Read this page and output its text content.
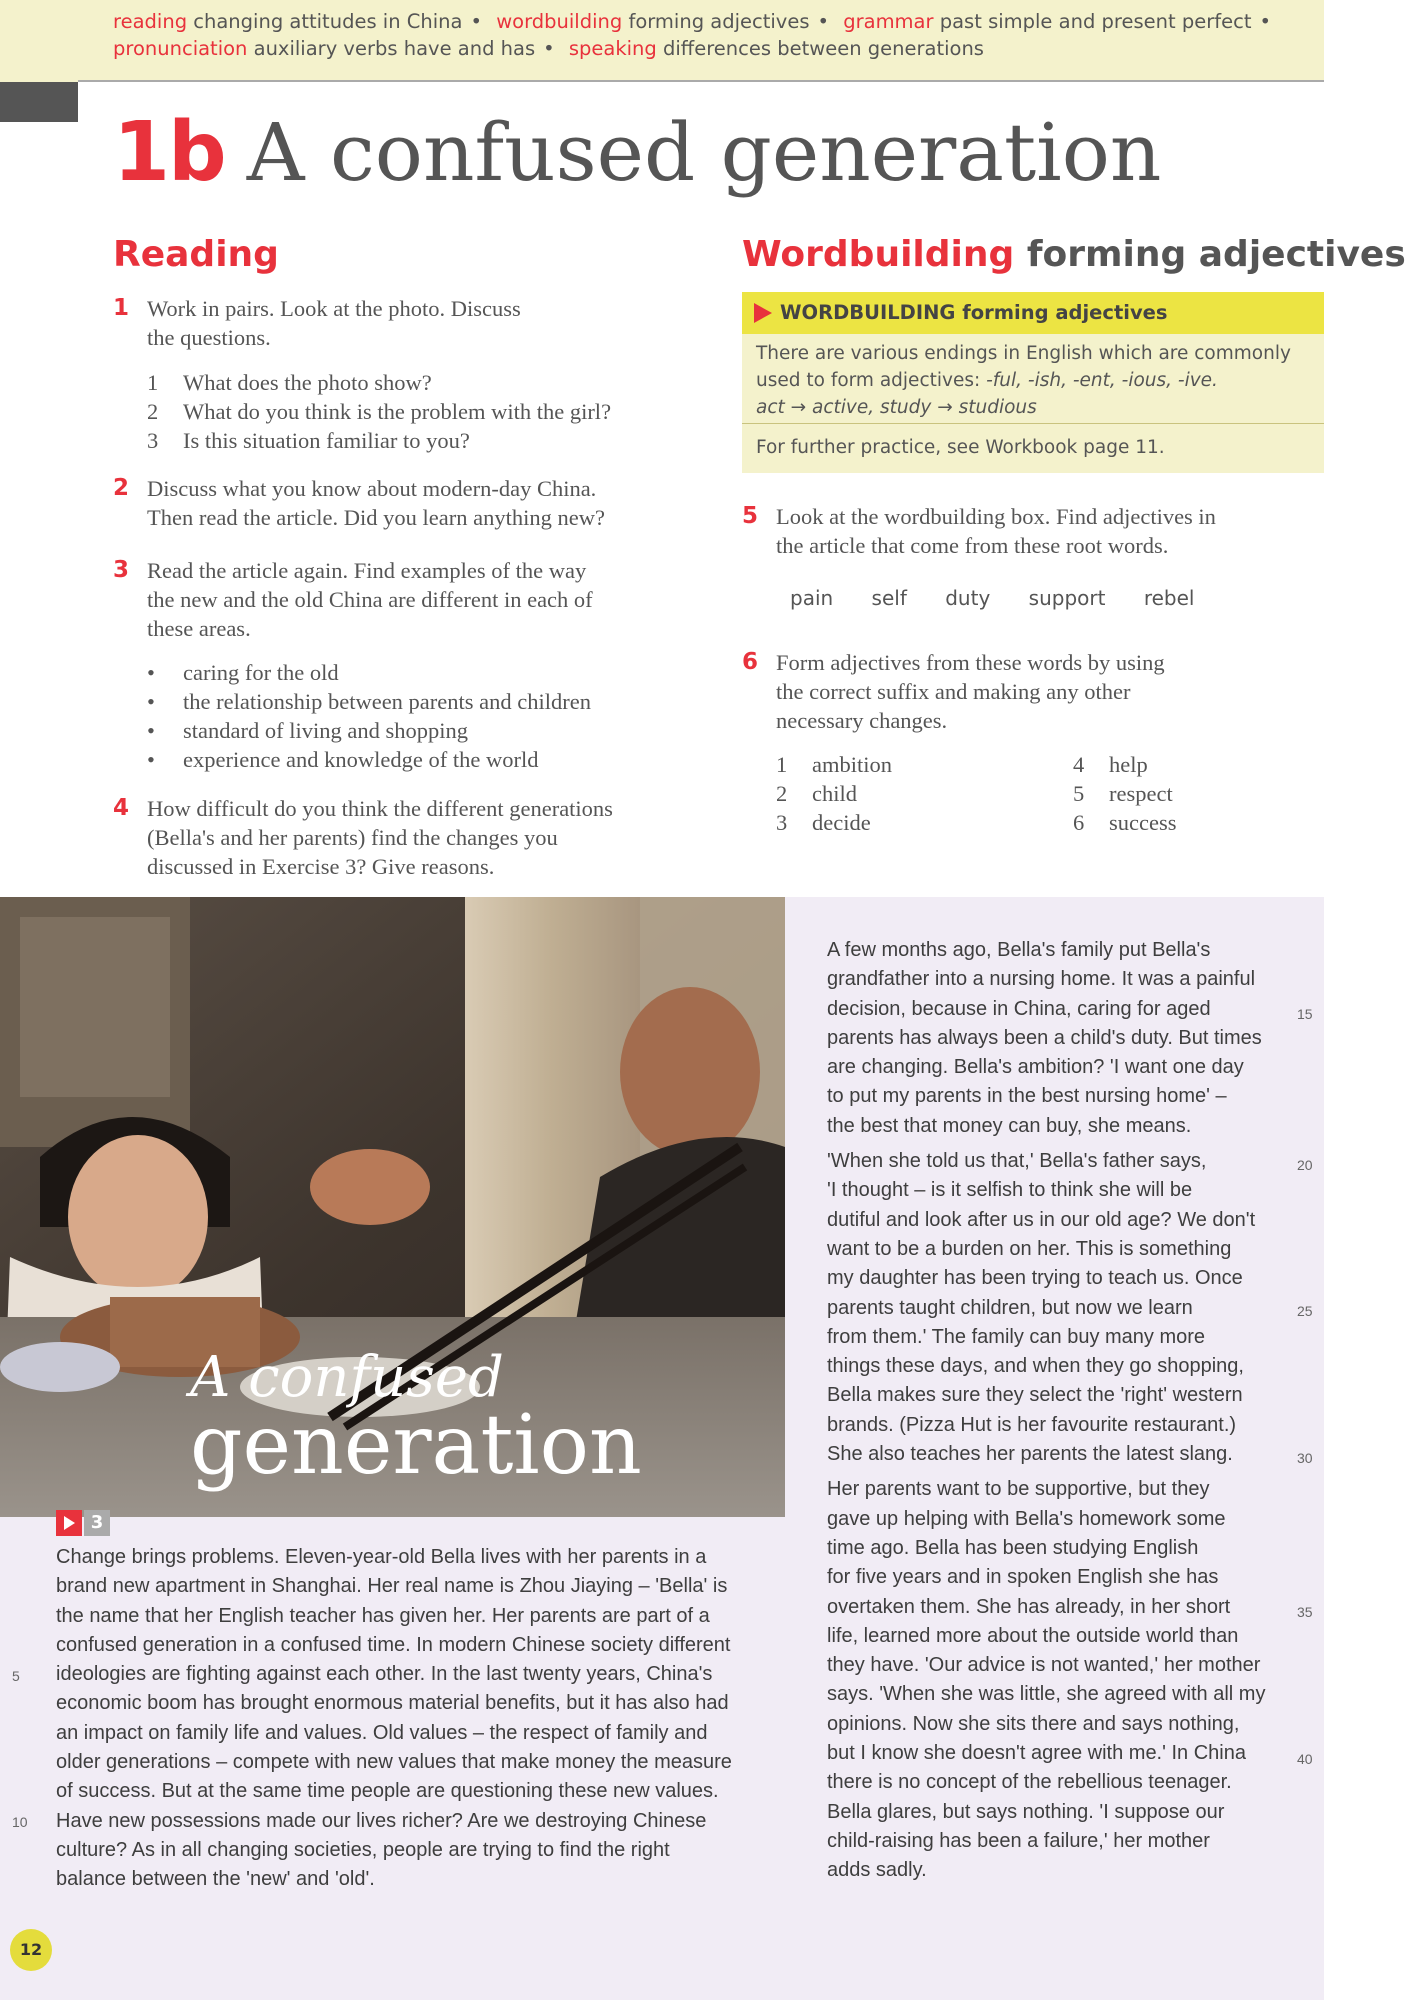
reading changing attitudes in China • wordbuilding forming adjectives • grammar past simple and present perfect •
pronunciation auxiliary verbs have and has • speaking differences between generations
1b A confused generation
Reading
1 Work in pairs. Look at the photo. Discuss
the questions.
1	What does the photo show?
2	What do you think is the problem with the girl?
3	Is this situation familiar to you?
2 Discuss what you know about modern-day China.
Then read the article. Did you learn anything new?
3 Read the article again. Find examples of the way
the new and the old China are different in each of
these areas.
•	caring for the old
•	the relationship between parents and children
•	standard of living and shopping
•	experience and knowledge of the world
4 How difficult do you think the different generations
(Bella's and her parents) find the changes you
discussed in Exercise 3? Give reasons.
Wordbuilding forming adjectives
WORDBUILDING forming adjectives
There are various endings in English which are commonly
used to form adjectives: -ful, -ish, -ent, -ious, -ive.
act → active, study → studious
For further practice, see Workbook page 11.
5 Look at the wordbuilding box. Find adjectives in
the article that come from these root words.
6 Form adjectives from these words by using
the correct suffix and making any other
necessary changes.
1	ambition
2	child
3	decide
4	help
5	respect
6	success
pain self duty support rebel
A confused
generation
3
Change brings problems. Eleven-year-old Bella lives with her parents in a
brand new apartment in Shanghai. Her real name is Zhou Jiaying – 'Bella' is
the name that her English teacher has given her. Her parents are part of a
confused generation in a confused time. In modern Chinese society different
ideologies are fighting against each other. In the last twenty years, China's
economic boom has brought enormous material benefits, but it has also had
an impact on family life and values. Old values – the respect of family and
older generations – compete with new values that make money the measure
of success. But at the same time people are questioning these new values.
Have new possessions made our lives richer? Are we destroying Chinese
culture? As in all changing societies, people are trying to find the right
balance between the 'new' and 'old'.
5
10
A few months ago, Bella's family put Bella's
grandfather into a nursing home. It was a painful
decision, because in China, caring for aged
parents has always been a child's duty. But times
are changing. Bella's ambition? 'I want one day
to put my parents in the best nursing home' –
the best that money can buy, she means.
'When she told us that,' Bella's father says,
'I thought – is it selfish to think she will be
dutiful and look after us in our old age? We don't
want to be a burden on her. This is something
my daughter has been trying to teach us. Once
parents taught children, but now we learn
from them.' The family can buy many more
things these days, and when they go shopping,
Bella makes sure they select the 'right' western
brands. (Pizza Hut is her favourite restaurant.)
She also teaches her parents the latest slang.
Her parents want to be supportive, but they
gave up helping with Bella's homework some
time ago. Bella has been studying English
for five years and in spoken English she has
overtaken them. She has already, in her short
life, learned more about the outside world than
they have. 'Our advice is not wanted,' her mother
says. 'When she was little, she agreed with all my
opinions. Now she sits there and says nothing,
but I know she doesn't agree with me.' In China
there is no concept of the rebellious teenager.
Bella glares, but says nothing. 'I suppose our
child-raising has been a failure,' her mother
adds sadly.
15
20
25
30
35
40
12
